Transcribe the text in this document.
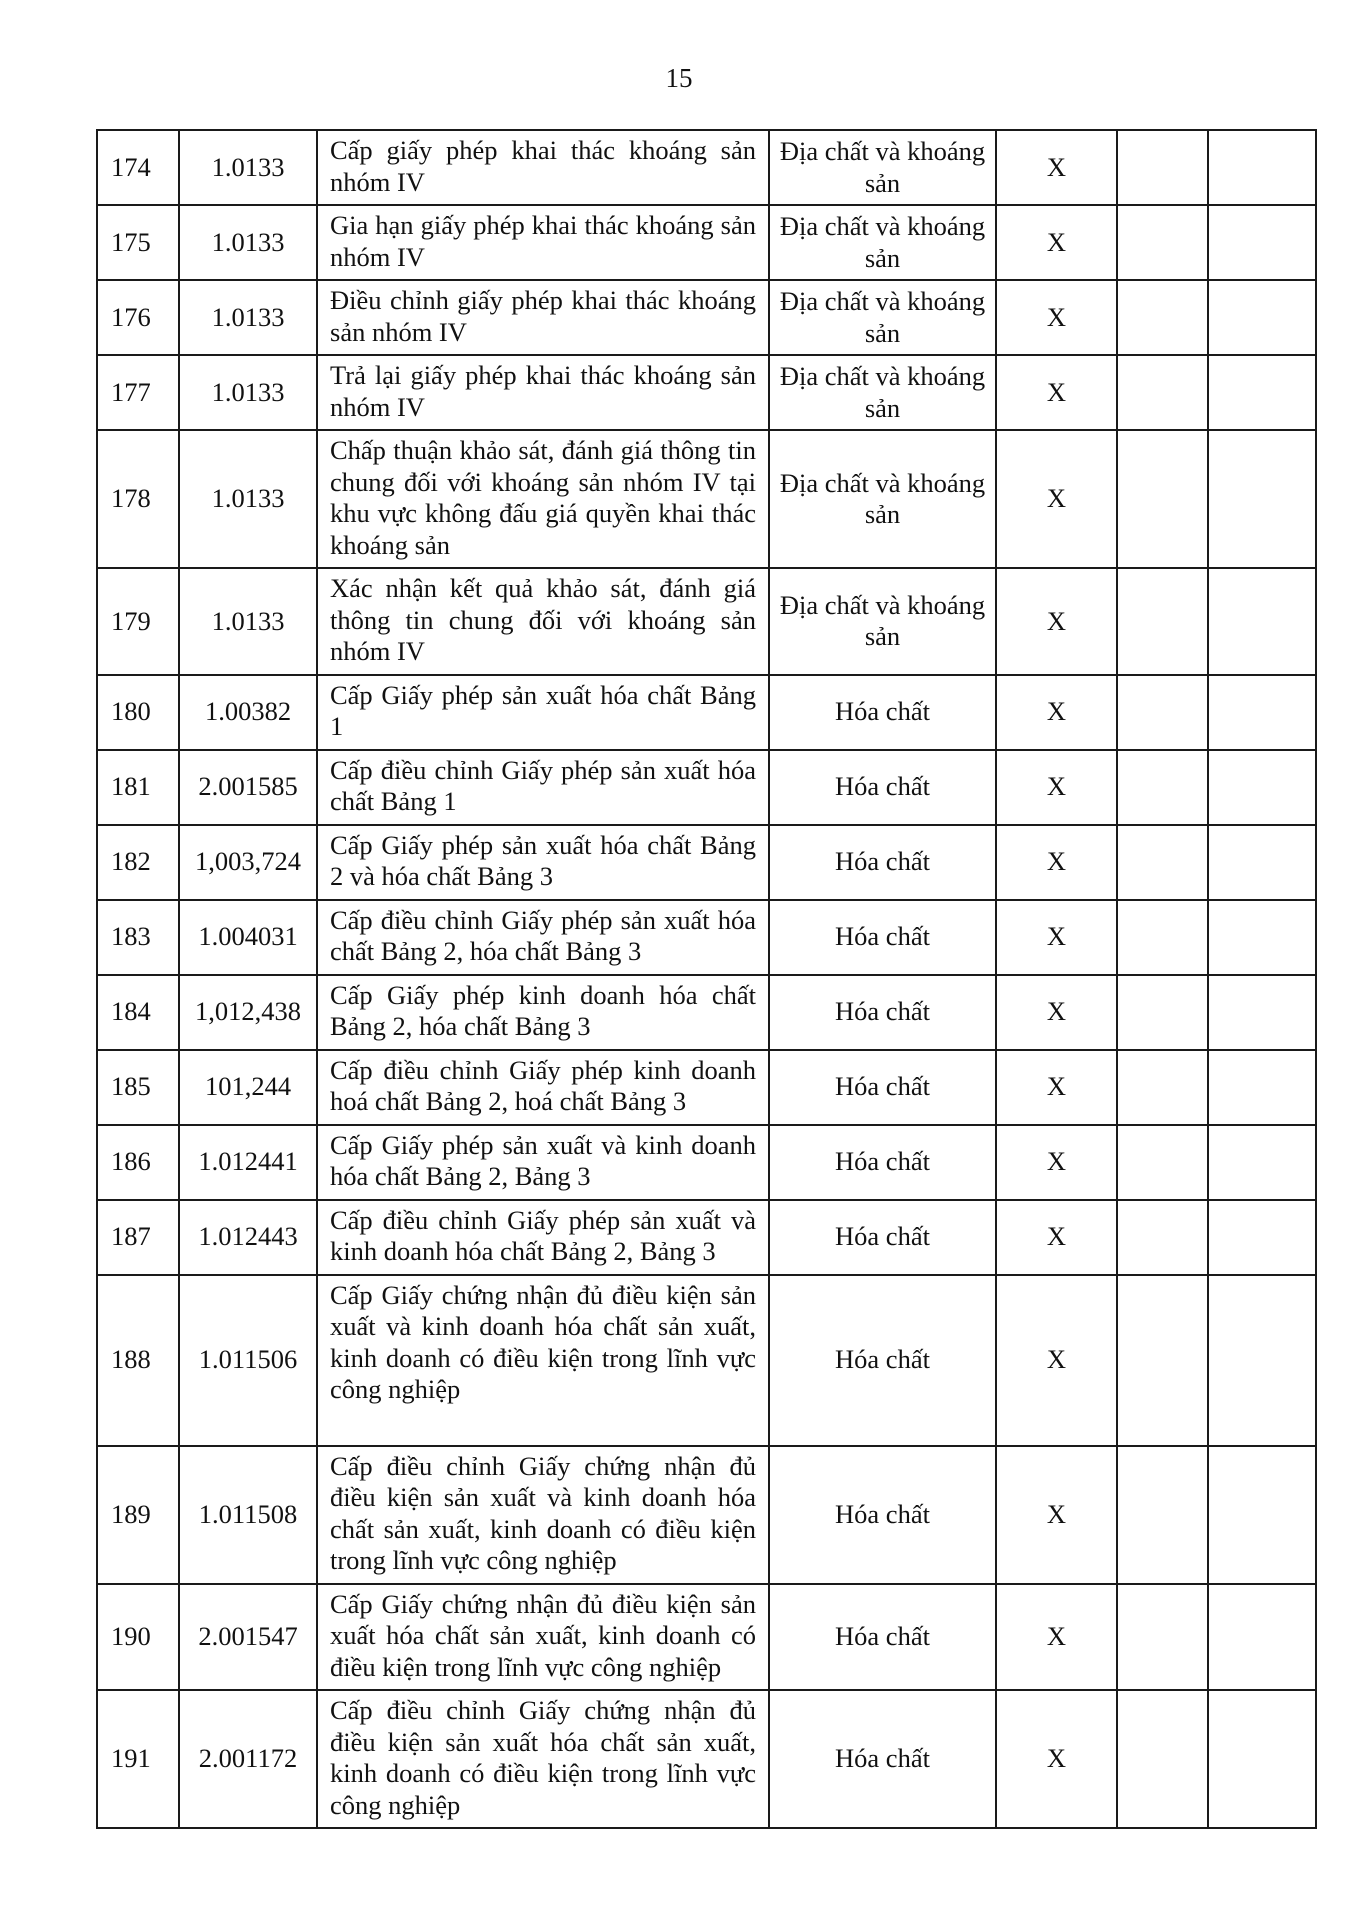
15
174	1.0133	Cấp giấy phép khai thác khoáng sản nhóm IV	Địa chất và khoáng sản	X		
175	1.0133	Gia hạn giấy phép khai thác khoáng sản nhóm IV	Địa chất và khoáng sản	X		
176	1.0133	Điều chỉnh giấy phép khai thác khoáng sản nhóm IV	Địa chất và khoáng sản	X		
177	1.0133	Trả lại giấy phép khai thác khoáng sản nhóm IV	Địa chất và khoáng sản	X		
178	1.0133	Chấp thuận khảo sát, đánh giá thông tin chung đối với khoáng sản nhóm IV tại khu vực không đấu giá quyền khai thác khoáng sản	Địa chất và khoáng sản	X		
179	1.0133	Xác nhận kết quả khảo sát, đánh giá thông tin chung đối với khoáng sản nhóm IV	Địa chất và khoáng sản	X		
180	1.00382	Cấp Giấy phép sản xuất hóa chất Bảng 1	Hóa chất	X		
181	2.001585	Cấp điều chỉnh Giấy phép sản xuất hóa chất Bảng 1	Hóa chất	X		
182	1,003,724	Cấp Giấy phép sản xuất hóa chất Bảng 2 và hóa chất Bảng 3	Hóa chất	X		
183	1.004031	Cấp điều chỉnh Giấy phép sản xuất hóa chất Bảng 2, hóa chất Bảng 3	Hóa chất	X		
184	1,012,438	Cấp Giấy phép kinh doanh hóa chất Bảng 2, hóa chất Bảng 3	Hóa chất	X		
185	101,244	Cấp điều chỉnh Giấy phép kinh doanh hoá chất Bảng 2, hoá chất Bảng 3	Hóa chất	X		
186	1.012441	Cấp Giấy phép sản xuất và kinh doanh hóa chất Bảng 2, Bảng 3	Hóa chất	X		
187	1.012443	Cấp điều chỉnh Giấy phép sản xuất và kinh doanh hóa chất Bảng 2, Bảng 3	Hóa chất	X		
188	1.011506	Cấp Giấy chứng nhận đủ điều kiện sản xuất và kinh doanh hóa chất sản xuất, kinh doanh có điều kiện trong lĩnh vực công nghiệp	Hóa chất	X		
189	1.011508	Cấp điều chỉnh Giấy chứng nhận đủ điều kiện sản xuất và kinh doanh hóa chất sản xuất, kinh doanh có điều kiện trong lĩnh vực công nghiệp	Hóa chất	X		
190	2.001547	Cấp Giấy chứng nhận đủ điều kiện sản xuất hóa chất sản xuất, kinh doanh có điều kiện trong lĩnh vực công nghiệp	Hóa chất	X		
191	2.001172	Cấp điều chỉnh Giấy chứng nhận đủ điều kiện sản xuất hóa chất sản xuất, kinh doanh có điều kiện trong lĩnh vực công nghiệp	Hóa chất	X		
